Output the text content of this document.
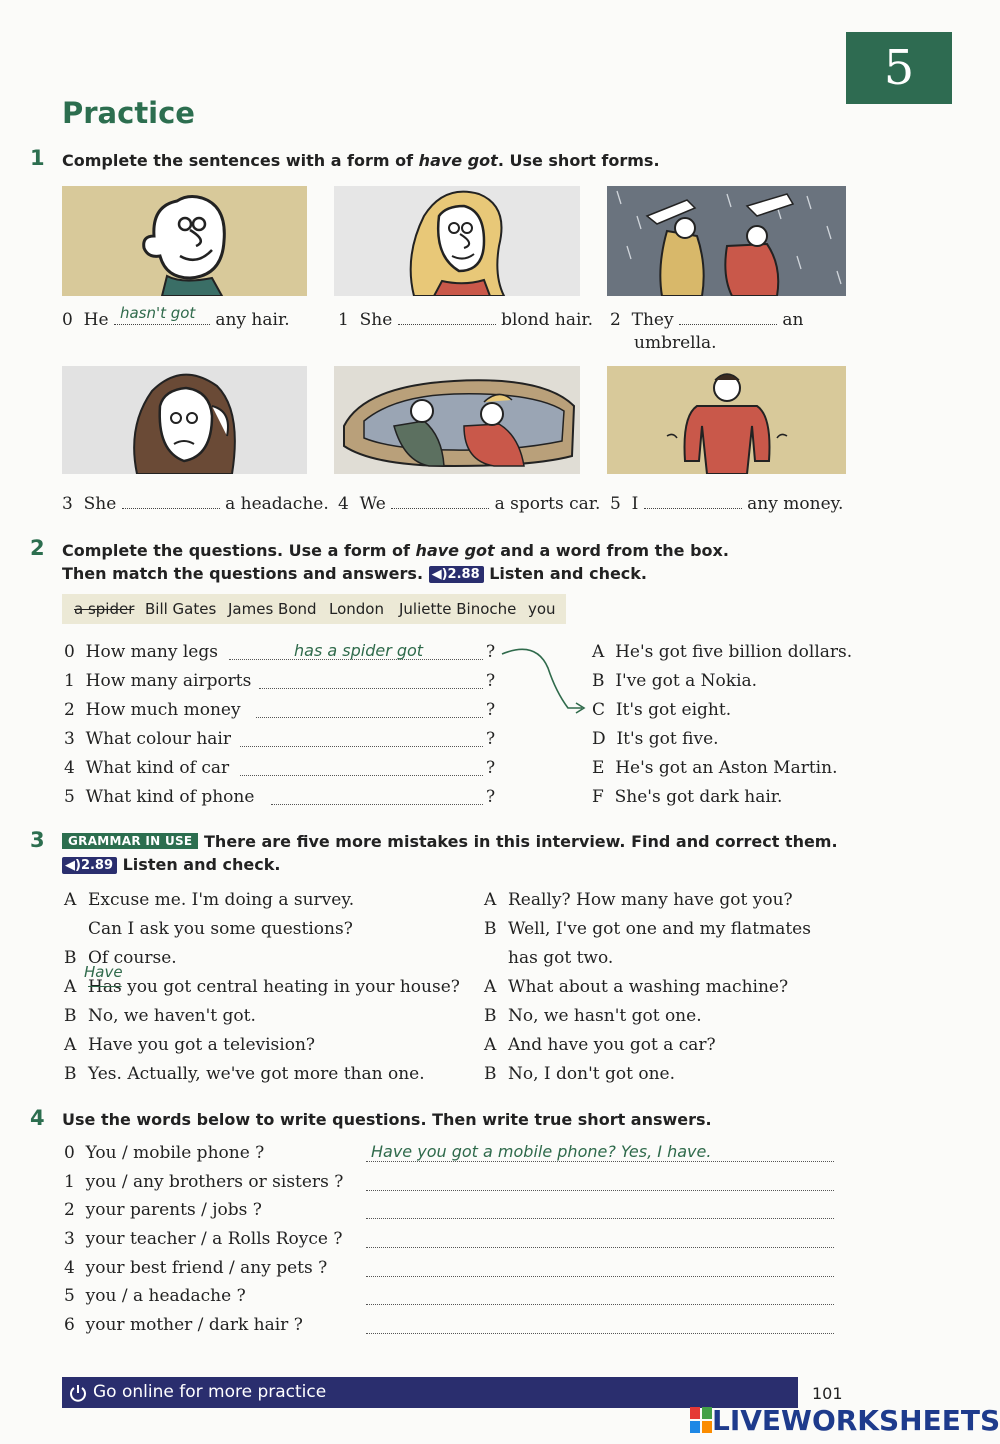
5
Practice
1 Complete the sentences with a form of have got. Use short forms.
0 He hasn't got any hair.	1 She	blond hair. 2 They	an
umbrella.
3 She	a headache. 4 We	a sports car. 5 I	any money.
2 Complete the questions. Use a form of have got and a word from the box.
Then match the questions and answers. ◀)2.88 Listen and check.
a spider Bill Gates James Bond London Juliette Binoche you
0 How many legs	has a spider got	?
1 How many airports	?
2 How much money	?
3 What colour hair	?
4 What kind of car	?
5 What kind of phone	?
A He's got five billion dollars.
B I've got a Nokia.
C It's got eight.
D It's got five.
E He's got an Aston Martin.
F She's got dark hair.
3	GRAMMAR IN USE There are five more mistakes in this interview. Find and correct them.
◀)2.89 Listen and check.
A Excuse me. I'm doing a survey.
Can I ask you some questions?
B Of course.
Have
A Has you got central heating in your house?
B No, we haven't got.
A Have you got a television?
B Yes. Actually, we've got more than one.
A Really? How many have got you?
B Well, I've got one and my flatmates
has got two.
A What about a washing machine?
B No, we hasn't got one.
A And have you got a car?
B No, I don't got one.
4 Use the words below to write questions. Then write true short answers.
0 You / mobile phone ?	Have you got a mobile phone? Yes, I have.
1 you / any brothers or sisters ?
2 your parents / jobs ?
3 your teacher / a Rolls Royce ?
4 your best friend / any pets ?
5 you / a headache ?
6 your mother / dark hair ?
Go online for more practice	101
LIVEWORKSHEETS
